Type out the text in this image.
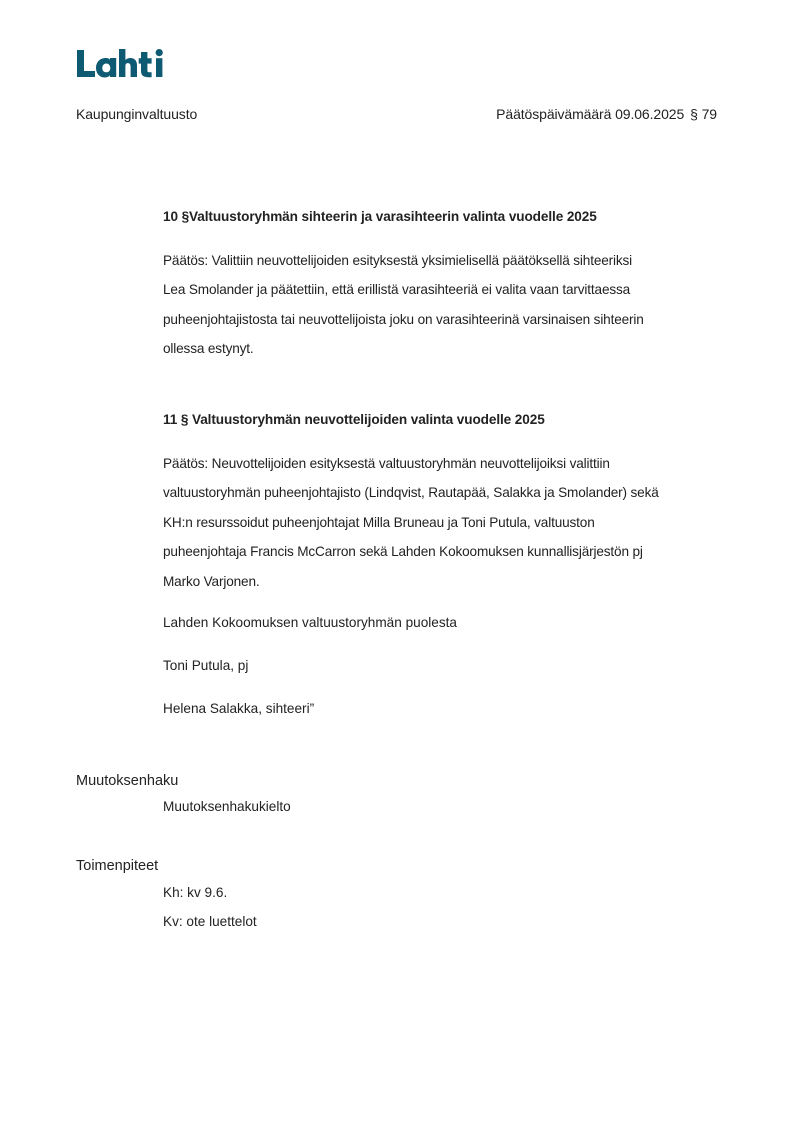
Kaupunginvaltuusto	Päätöspäivämäärä 09.06.2025 § 79
10 §Valtuustoryhmän sihteerin ja varasihteerin valinta vuodelle 2025
Päätös: Valittiin neuvottelijoiden esityksestä yksimielisellä päätöksellä sihteeriksi
Lea Smolander ja päätettiin, että erillistä varasihteeriä ei valita vaan tarvittaessa
puheenjohtajistosta tai neuvottelijoista joku on varasihteerinä varsinaisen sihteerin
ollessa estynyt.
11 § Valtuustoryhmän neuvottelijoiden valinta vuodelle 2025
Päätös: Neuvottelijoiden esityksestä valtuustoryhmän neuvottelijoiksi valittiin
valtuustoryhmän puheenjohtajisto (Lindqvist, Rautapää, Salakka ja Smolander) sekä
KH:n resurssoidut puheenjohtajat Milla Bruneau ja Toni Putula, valtuuston
puheenjohtaja Francis McCarron sekä Lahden Kokoomuksen kunnallisjärjestön pj
Marko Varjonen.
Lahden Kokoomuksen valtuustoryhmän puolesta
Toni Putula, pj
Helena Salakka, sihteeri”
Muutoksenhaku
Muutoksenhakukielto
Toimenpiteet
Kh: kv 9.6.
Kv: ote luettelot
